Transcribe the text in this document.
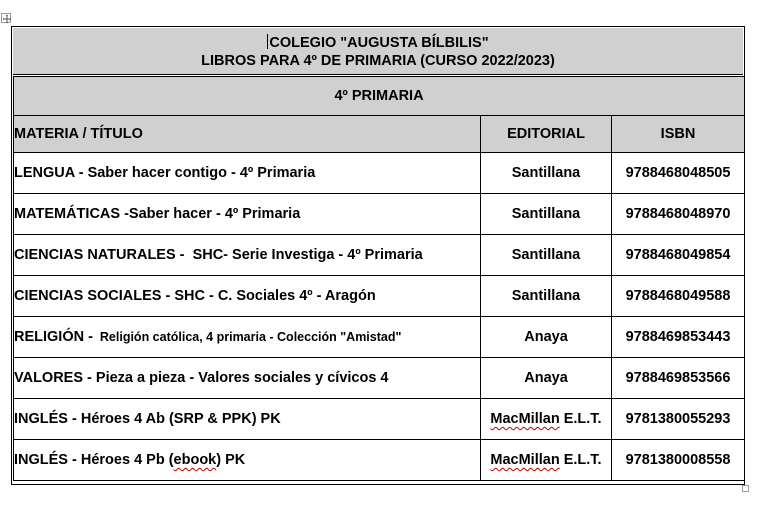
COLEGIO "AUGUSTA BÍLBILIS"
LIBROS PARA 4º DE PRIMARIA (CURSO 2022/2023)
4º PRIMARIA		
MATERIA / TÍTULO	EDITORIAL	ISBN
LENGUA - Saber hacer contigo - 4º Primaria	Santillana	9788468048505
MATEMÁTICAS -Saber hacer - 4º Primaria	Santillana	9788468048970
CIENCIAS NATURALES -  SHC- Serie Investiga - 4º Primaria	Santillana	9788468049854
CIENCIAS SOCIALES - SHC - C. Sociales 4º - Aragón	Santillana	9788468049588
RELIGIÓN -  Religión católica, 4 primaria - Colección "Amistad"	Anaya	9788469853443
VALORES - Pieza a pieza - Valores sociales y cívicos 4	Anaya	9788469853566
INGLÉS - Héroes 4 Ab (SRP & PPK) PK	MacMillan E.L.T.	9781380055293
INGLÉS - Héroes 4 Pb (ebook) PK	MacMillan E.L.T.	9781380008558
